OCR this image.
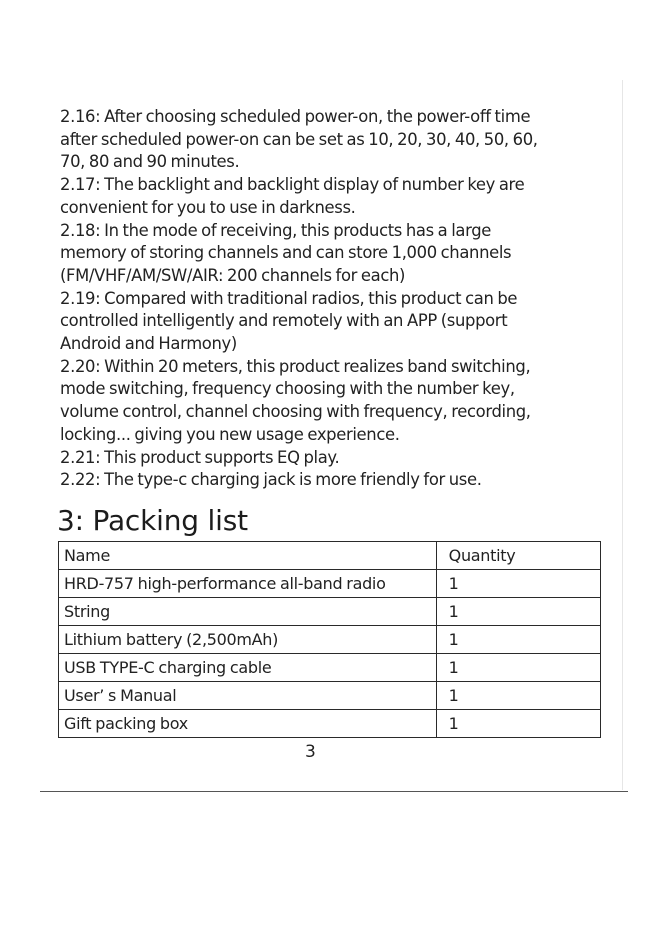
2.16: After choosing scheduled power-on, the power-off time
after scheduled power-on can be set as 10, 20, 30, 40, 50, 60,
70, 80 and 90 minutes.

2.17: The backlight and backlight display of number key are
convenient for you to use in darkness.

2.18: In the mode of receiving, this products has a large
memory of storing channels and can store 1,000 channels
(FM/VHF/AM/SW/AIR: 200 channels for each)

2.19: Compared with traditional radios, this product can be
controlled intelligently and remotely with an APP (support
Android and Harmony)

2.20: Within 20 meters, this product realizes band switching,
mode switching, frequency choosing with the number key,
volume control, channel choosing with frequency, recording,
locking... giving you new usage experience.

2.21: This product supports EQ play.

2.22: The type-c charging jack is more friendly for use.

3: Packing list
Name	Quantity
HRD-757 high-performance all-band radio	1
String	1
Lithium battery (2,500mAh)	1
USB TYPE-C charging cable	1
User’ s Manual	1
Gift packing box	1
3
